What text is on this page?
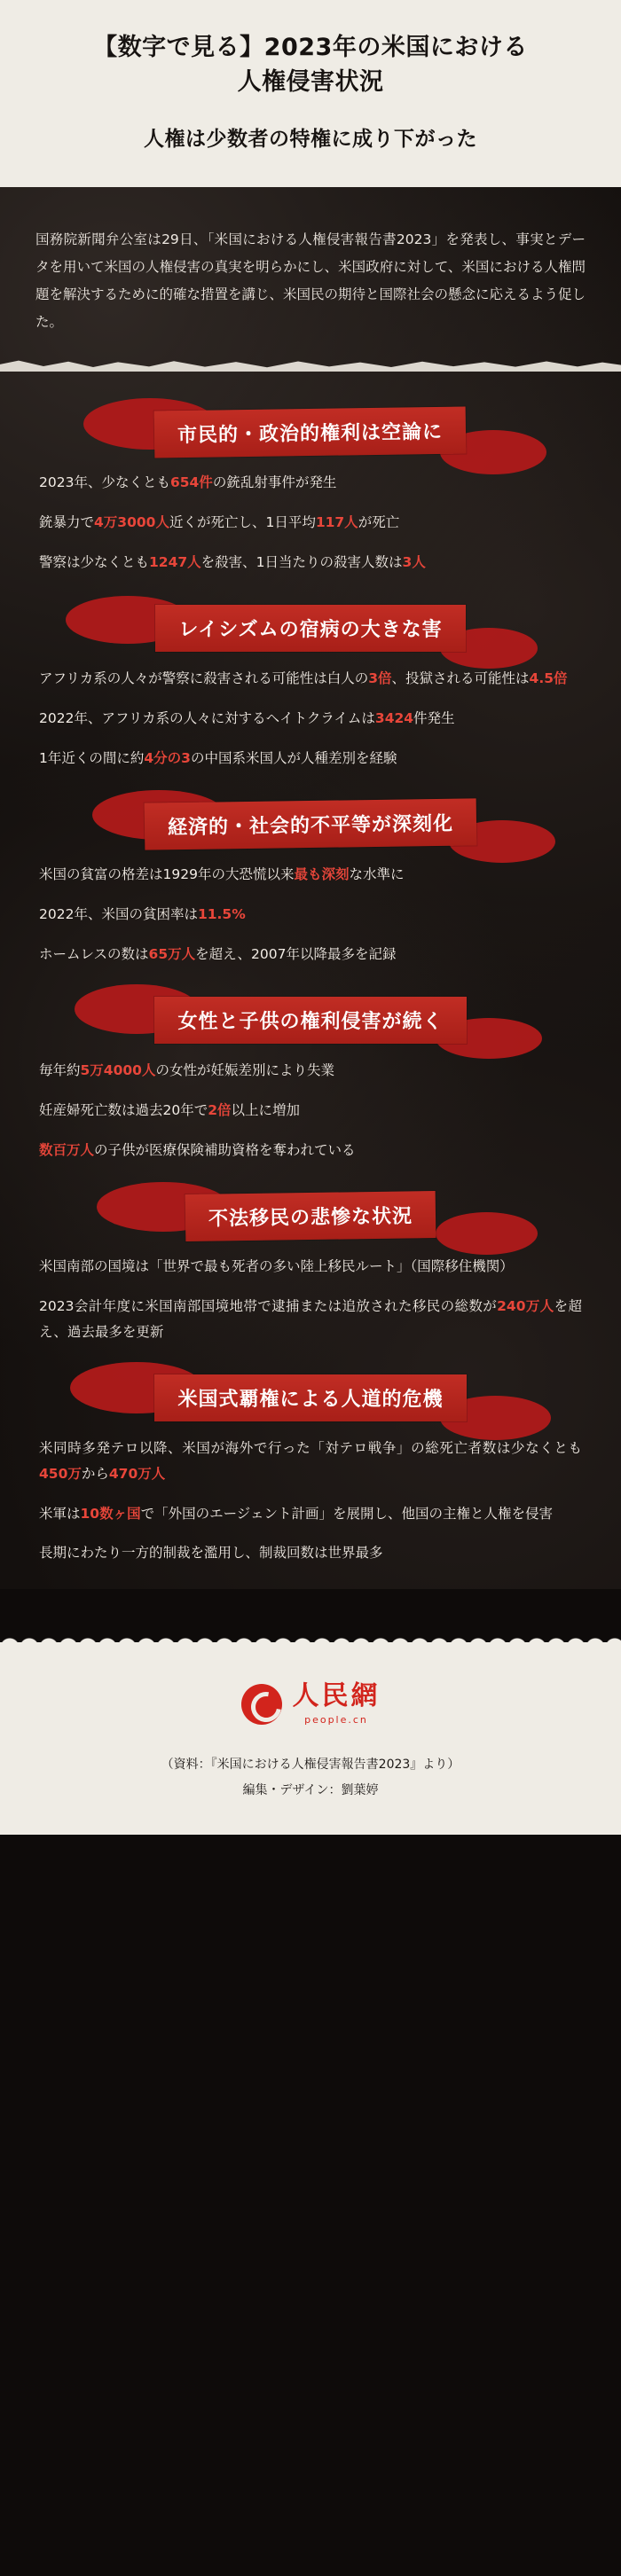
【数字で見る】2023年の米国における
人権侵害状況
人権は少数者の特権に成り下がった
国務院新聞弁公室は29日、「米国における人権侵害報告書2023」を発表し、事実とデータを用いて米国の人権侵害の真実を明らかにし、米国政府に対して、米国における人権問題を解決するために的確な措置を講じ、米国民の期待と国際社会の懸念に応えるよう促した。
市民的・政治的権利は空論に

2023年、少なくとも654件の銃乱射事件が発生

銃暴力で4万3000人近くが死亡し、1日平均117人が死亡

警察は少なくとも1247人を殺害、1日当たりの殺害人数は3人

レイシズムの宿病の大きな害

アフリカ系の人々が警察に殺害される可能性は白人の3倍、投獄される可能性は4.5倍

2022年、アフリカ系の人々に対するヘイトクライムは3424件発生

1年近くの間に約4分の3の中国系米国人が人種差別を経験

経済的・社会的不平等が深刻化

米国の貧富の格差は1929年の大恐慌以来最も深刻な水準に

2022年、米国の貧困率は11.5%

ホームレスの数は65万人を超え、2007年以降最多を記録

女性と子供の権利侵害が続く

毎年約5万4000人の女性が妊娠差別により失業

妊産婦死亡数は過去20年で2倍以上に増加

数百万人の子供が医療保険補助資格を奪われている

不法移民の悲惨な状況

米国南部の国境は「世界で最も死者の多い陸上移民ルート」（国際移住機関）

2023会計年度に米国南部国境地帯で逮捕または追放された移民の総数が240万人を超え、過去最多を更新

米国式覇権による人道的危機

米同時多発テロ以降、米国が海外で行った「対テロ戦争」の総死亡者数は少なくとも450万から470万人

米軍は10数ヶ国で「外国のエージェント計画」を展開し、他国の主権と人権を侵害

長期にわたり一方的制裁を濫用し、制裁回数は世界最多

人民網
people.cn
（資料：『米国における人権侵害報告書2023』より）
編集・デザイン：劉葉婷
